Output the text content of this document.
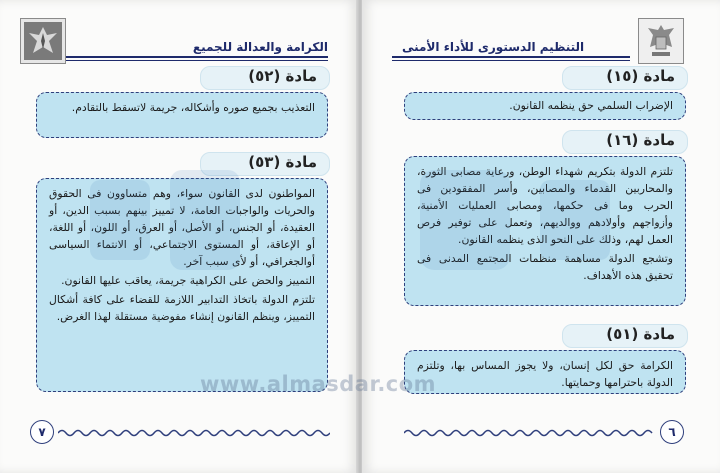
الكرامة والعدالة للجميع
مادة (٥٢)

التعذيب بجميع صوره وأشكاله، جريمة لاتسقط بالتقادم.

مادة (٥٣)

المواطنون لدى القانون سواء، وهم متساوون فى الحقوق والحريات والواجبات العامة، لا تمييز بينهم بسبب الدين، أو العقيدة، أو الجنس، أو الأصل، أو العرق، أو اللون، أو اللغة، أو الإعاقة، أو المستوى الاجتماعي، أو الانتماء السياسى أوالجغرافي، أو لأى سبب آخر.

التمييز والحض على الكراهية جريمة، يعاقب عليها القانون.

تلتزم الدولة باتخاذ التدابير اللازمة للقضاء على كافة أشكال التمييز، وينظم القانون إنشاء مفوضية مستقلة لهذا الغرض.

٧
التنظيم الدستورى للأداء الأمنى
مادة (١٥)

الإضراب السلمي حق ينظمه القانون.

مادة (١٦)

تلتزم الدولة بتكريم شهداء الوطن، ورعاية مصابى الثورة، والمحاربين القدماء والمصابين، وأسر المفقودين فى الحرب وما فى حكمها، ومصابى العمليات الأمنية، وأزواجهم وأولادهم ووالديهم، وتعمل على توفير فرص العمل لهم، وذلك على النحو الذى ينظمه القانون.

وتشجع الدولة مساهمة منظمات المجتمع المدنى فى تحقيق هذه الأهداف.

مادة (٥١)

الكرامة حق لكل إنسان، ولا يجوز المساس بها، وتلتزم الدولة باحترامها وحمايتها.

٦
www.almasdar.com
